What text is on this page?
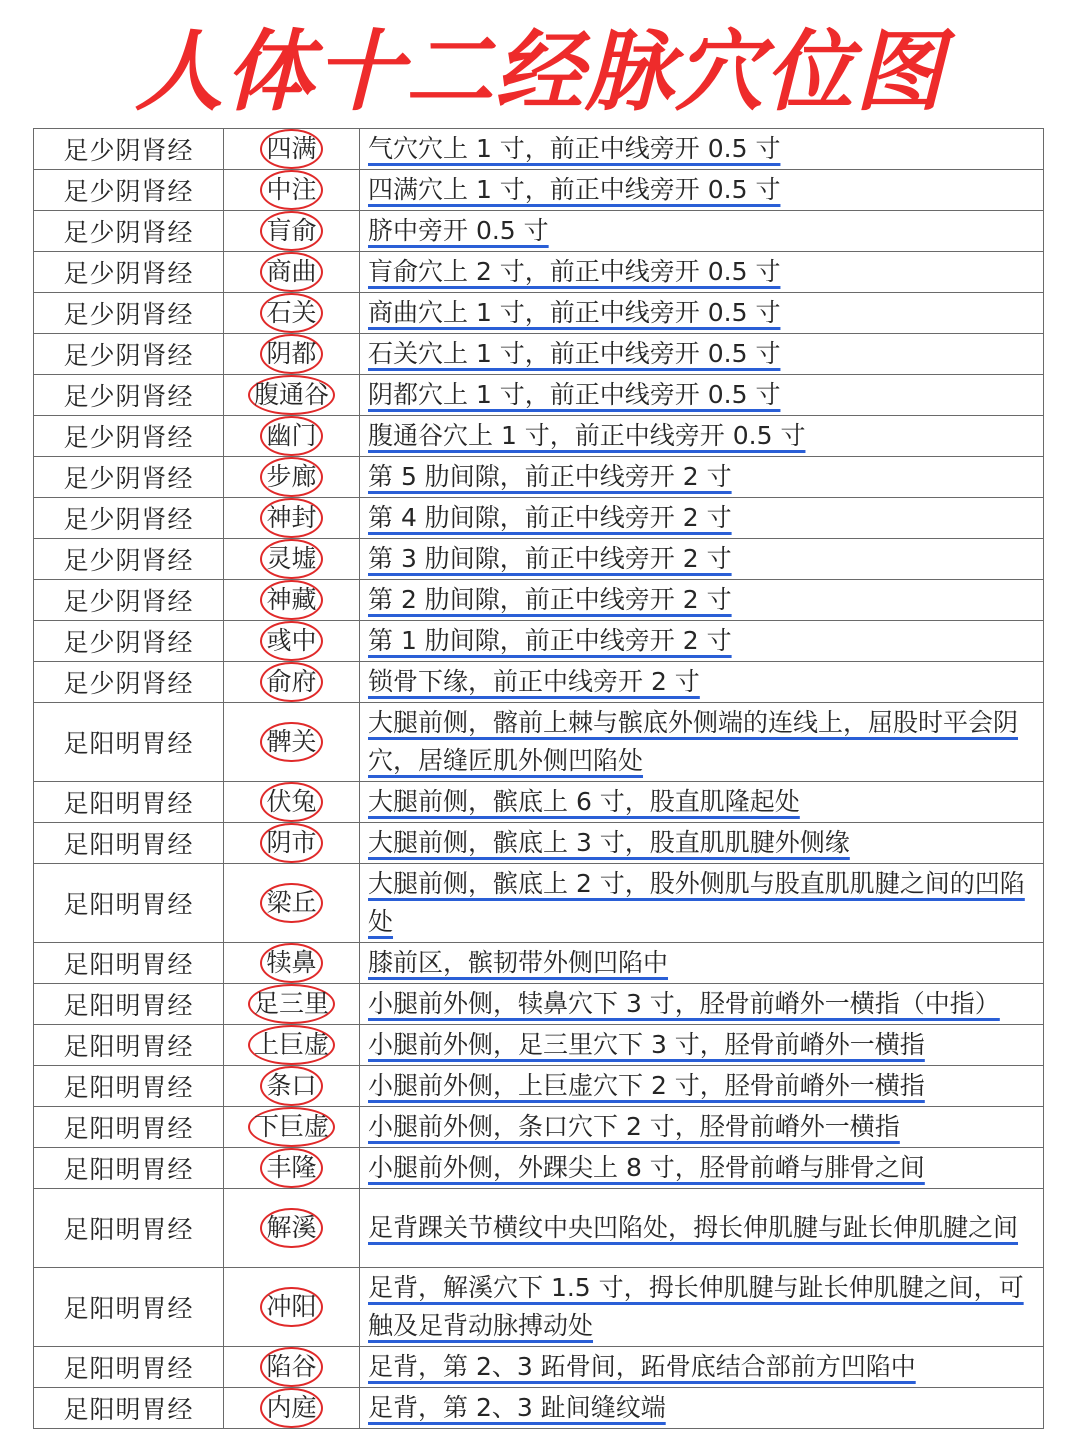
人体十二经脉穴位图
足少阴肾经	四满	气穴穴上 1 寸，前正中线旁开 0.5 寸
足少阴肾经	中注	四满穴上 1 寸，前正中线旁开 0.5 寸
足少阴肾经	肓俞	脐中旁开 0.5 寸
足少阴肾经	商曲	肓俞穴上 2 寸，前正中线旁开 0.5 寸
足少阴肾经	石关	商曲穴上 1 寸，前正中线旁开 0.5 寸
足少阴肾经	阴都	石关穴上 1 寸，前正中线旁开 0.5 寸
足少阴肾经	腹通谷	阴都穴上 1 寸，前正中线旁开 0.5 寸
足少阴肾经	幽门	腹通谷穴上 1 寸，前正中线旁开 0.5 寸
足少阴肾经	步廊	第 5 肋间隙，前正中线旁开 2 寸
足少阴肾经	神封	第 4 肋间隙，前正中线旁开 2 寸
足少阴肾经	灵墟	第 3 肋间隙，前正中线旁开 2 寸
足少阴肾经	神藏	第 2 肋间隙，前正中线旁开 2 寸
足少阴肾经	彧中	第 1 肋间隙，前正中线旁开 2 寸
足少阴肾经	俞府	锁骨下缘，前正中线旁开 2 寸
足阳明胃经	髀关	大腿前侧，髂前上棘与髌底外侧端的连线上，屈股时平会阴穴，居缝匠肌外侧凹陷处
足阳明胃经	伏兔	大腿前侧，髌底上 6 寸，股直肌隆起处
足阳明胃经	阴市	大腿前侧，髌底上 3 寸，股直肌肌腱外侧缘
足阳明胃经	梁丘	大腿前侧，髌底上 2 寸，股外侧肌与股直肌肌腱之间的凹陷处
足阳明胃经	犊鼻	膝前区，髌韧带外侧凹陷中
足阳明胃经	足三里	小腿前外侧，犊鼻穴下 3 寸，胫骨前嵴外一横指（中指）
足阳明胃经	上巨虚	小腿前外侧，足三里穴下 3 寸，胫骨前嵴外一横指
足阳明胃经	条口	小腿前外侧，上巨虚穴下 2 寸，胫骨前嵴外一横指
足阳明胃经	下巨虚	小腿前外侧，条口穴下 2 寸，胫骨前嵴外一横指
足阳明胃经	丰隆	小腿前外侧，外踝尖上 8 寸，胫骨前嵴与腓骨之间
足阳明胃经	解溪	足背踝关节横纹中央凹陷处，拇长伸肌腱与趾长伸肌腱之间
足阳明胃经	冲阳	足背，解溪穴下 1.5 寸，拇长伸肌腱与趾长伸肌腱之间，可触及足背动脉搏动处
足阳明胃经	陷谷	足背，第 2、3 跖骨间，跖骨底结合部前方凹陷中
足阳明胃经	内庭	足背，第 2、3 趾间缝纹端
